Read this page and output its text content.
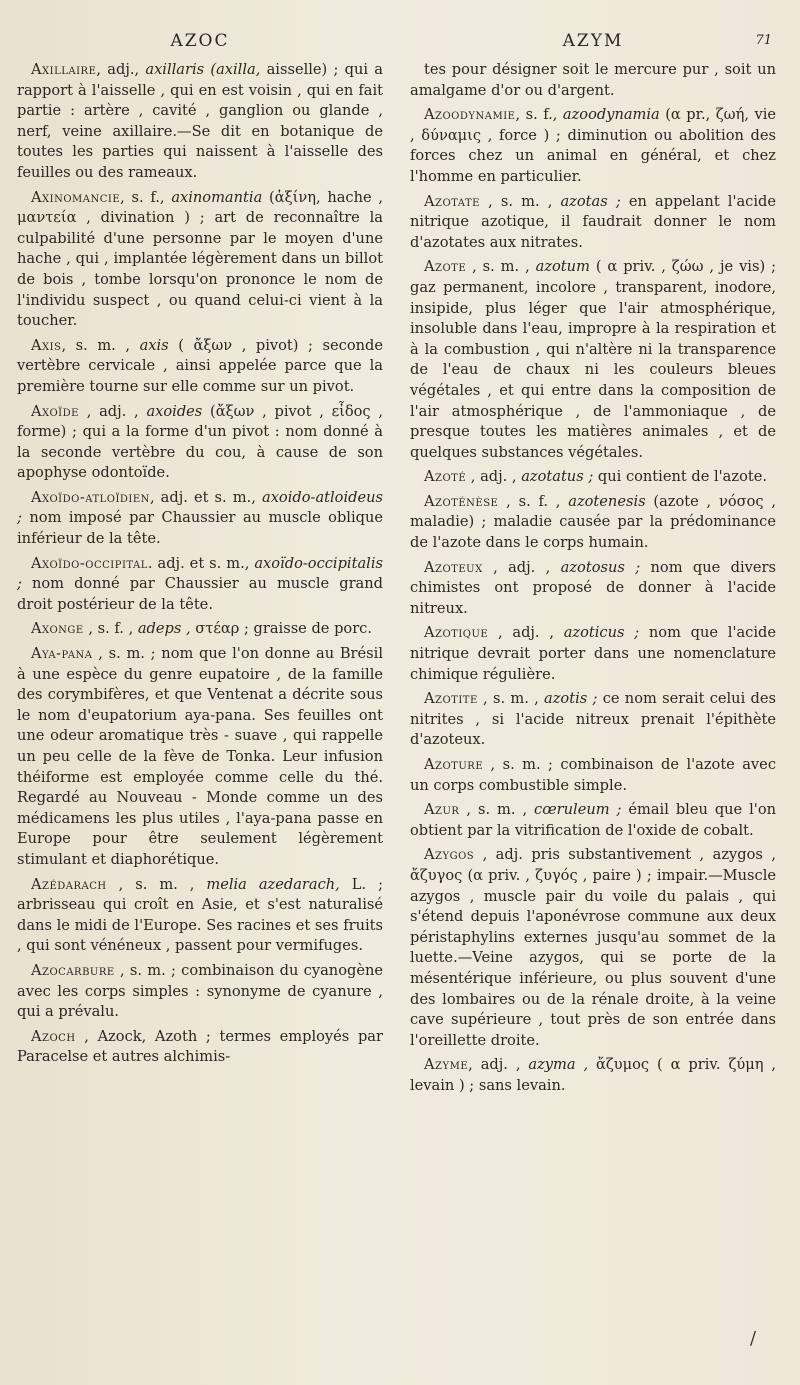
AZOC

Axillaire, adj., axillaris (axilla, aisselle) ; qui a rapport à l'aisselle , qui en est voisin , qui en fait partie : artère , cavité , ganglion ou glande , nerf, veine axillaire.—Se dit en botanique de toutes les parties qui naissent à l'aisselle des feuilles ou des rameaux.

Axinomancie, s. f., axinomantia (ἀξίνη, hache , μαντεία , divination ) ; art de reconnaître la culpabilité d'une personne par le moyen d'une hache , qui , implantée légèrement dans un billot de bois , tombe lorsqu'on prononce le nom de l'individu suspect , ou quand celui-ci vient à la toucher.

Axis, s. m. , axis ( ἄξων , pivot) ; seconde vertèbre cervicale , ainsi appelée parce que la première tourne sur elle comme sur un pivot.

Axoïde , adj. , axoides (ἄξων , pivot , εἶδος , forme) ; qui a la forme d'un pivot : nom donné à la seconde vertèbre du cou, à cause de son apophyse odontoïde.

Axoïdo-atloïdien, adj. et s. m., axoido-atloideus ; nom imposé par Chaussier au muscle oblique inférieur de la tête.

Axoïdo-occipital. adj. et s. m., axoïdo-occipitalis ; nom donné par Chaussier au muscle grand droit postérieur de la tête.

Axonge , s. f. , adeps , στέαρ ; graisse de porc.

Aya-pana , s. m. ; nom que l'on donne au Brésil à une espèce du genre eupatoire , de la famille des corymbifères, et que Ventenat a décrite sous le nom d'eupatorium aya-pana. Ses feuilles ont une odeur aromatique très - suave , qui rappelle un peu celle de la fève de Tonka. Leur infusion théiforme est employée comme celle du thé. Regardé au Nouveau - Monde comme un des médicamens les plus utiles , l'aya-pana passe en Europe pour être seulement légèrement stimulant et diaphorétique.

Azédarach , s. m. , melia azedarach, L. ; arbrisseau qui croît en Asie, et s'est naturalisé dans le midi de l'Europe. Ses racines et ses fruits , qui sont vénéneux , passent pour vermifuges.

Azocarbure , s. m. ; combinaison du cyanogène avec les corps simples : synonyme de cyanure , qui a prévalu.

Azoch , Azock, Azoth ; termes employés par Paracelse et autres alchimis-

AZYM	71

tes pour désigner soit le mercure pur , soit un amalgame d'or ou d'argent.

Azoodynamie, s. f., azoodynamia (α pr., ζωή, vie , δύναμις , force ) ; diminution ou abolition des forces chez un animal en général, et chez l'homme en particulier.

Azotate , s. m. , azotas ; en appelant l'acide nitrique azotique, il faudrait donner le nom d'azotates aux nitrates.

Azote , s. m. , azotum ( α priv. , ζώω , je vis) ; gaz permanent, incolore , transparent, inodore, insipide, plus léger que l'air atmosphérique, insoluble dans l'eau, impropre à la respiration et à la combustion , qui n'altère ni la transparence de l'eau de chaux ni les couleurs bleues végétales , et qui entre dans la composition de l'air atmosphérique , de l'ammoniaque , de presque toutes les matières animales , et de quelques substances végétales.

Azoté , adj. , azotatus ; qui contient de l'azote.

Azoténèse , s. f. , azotenesis (azote , νόσος , maladie) ; maladie causée par la prédominance de l'azote dans le corps humain.

Azoteux , adj. , azotosus ; nom que divers chimistes ont proposé de donner à l'acide nitreux.

Azotique , adj. , azoticus ; nom que l'acide nitrique devrait porter dans une nomenclature chimique régulière.

Azotite , s. m. , azotis ; ce nom serait celui des nitrites , si l'acide nitreux prenait l'épithète d'azoteux.

Azoture , s. m. ; combinaison de l'azote avec un corps combustible simple.

Azur , s. m. , cœruleum ; émail bleu que l'on obtient par la vitrification de l'oxide de cobalt.

Azygos , adj. pris substantivement , azygos , ἄζυγος (α priv. , ζυγός , paire ) ; impair.—Muscle azygos , muscle pair du voile du palais , qui s'étend depuis l'aponévrose commune aux deux péristaphylins externes jusqu'au sommet de la luette.—Veine azygos, qui se porte de la mésentérique inférieure, ou plus souvent d'une des lombaires ou de la rénale droite, à la veine cave supérieure , tout près de son entrée dans l'oreillette droite.

Azyme, adj. , azyma , ἄζυμος ( α priv. ζύμη , levain ) ; sans levain.

/
